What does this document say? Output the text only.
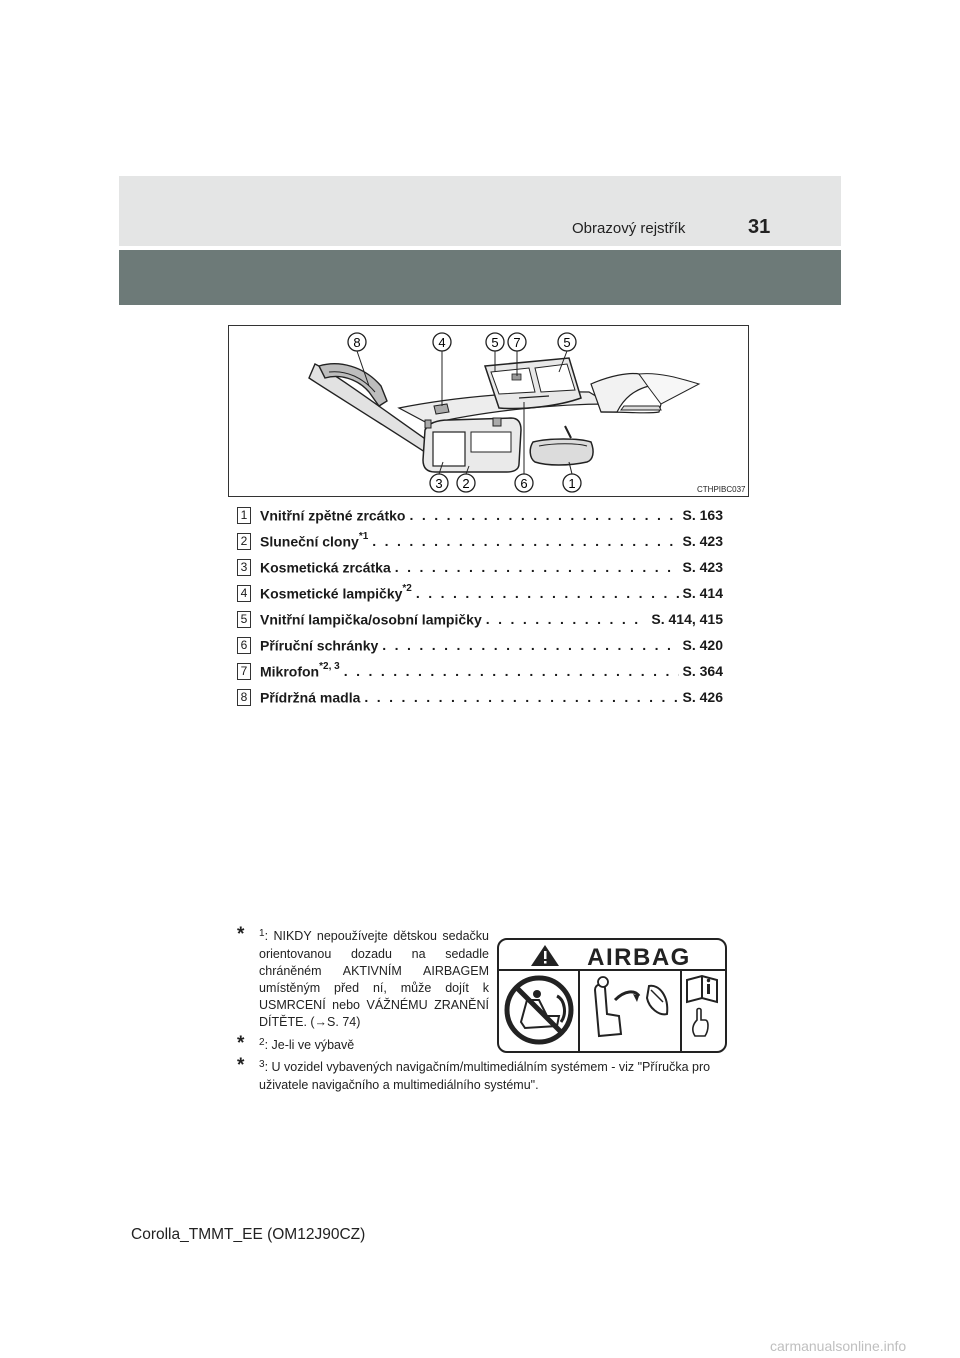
Obrazový rejstřík	31
8	4	5 7	5
3 2	6	1	CTHPIBC037
1 Vnitřní zpětné zrcátko . . .	S. 163
2 Sluneční clony$^{*1}$ . . .	S. 423
3 Kosmetická zrcátka . . .	S. 423
4 Kosmetické lampičky$^{*2}$ . . .	S. 414
5 Vnitřní lampička/osobní lampičky . . .	S. 414, 415
6 Příruční schránky . . .	S. 420
7 Mikrofon$^{*2, 3}$ . . .	S. 364
8 Přídržná madla . . .	S. 426
* $^1$: NIKDY nepoužívejte dětskou sedačku orientovanou dozadu na sedadle chráněném AKTIVNÍM AIRBAGEM umístěným před ní, může dojít k USMRCENÍ nebo VÁŽNÉMU ZRANĚNÍ DÍTĚTE. (→S. 74)
* $^2$: Je-li ve výbavě
* $^3$: U vozidel vybavených navigačním/multimediálním systémem - viz "Příručka pro uživatele navigačního a multimediálního systému".
AIRBAG
Corolla_TMMT_EE (OM12J90CZ)
carmanualsonline.info
